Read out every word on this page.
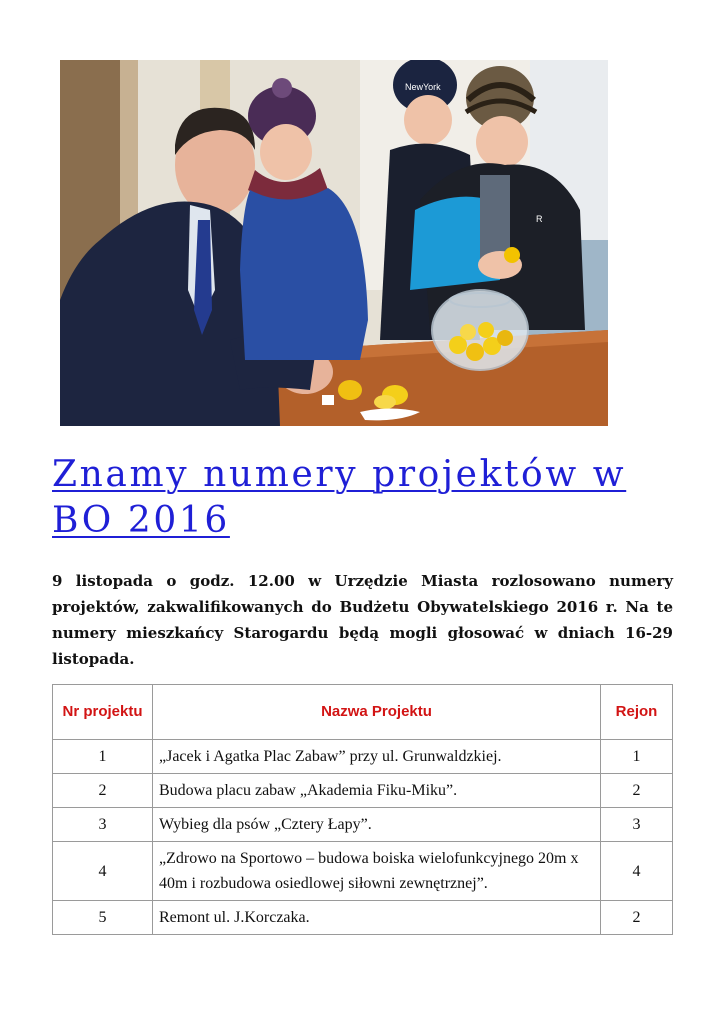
NewYork
R
Znamy numery projektów w BO 2016

9 listopada o godz. 12.00 w Urzędzie Miasta rozlosowano numery projektów, zakwalifikowanych do Budżetu Obywatelskiego 2016 r. Na te numery mieszkańcy Starogardu będą mogli głosować w dniach 16-29 listopada.

Nr projektu	Nazwa Projektu	Rejon
1	„Jacek i Agatka Plac Zabaw” przy ul. Grunwaldzkiej.	1
2	Budowa placu zabaw „Akademia Fiku-Miku”.	2
3	Wybieg dla psów „Cztery Łapy”.	3
4	„Zdrowo na Sportowo – budowa boiska wielofunkcyjnego 20m x 40m i rozbudowa osiedlowej siłowni zewnętrznej”.	4
5	Remont ul. J.Korczaka.	2
